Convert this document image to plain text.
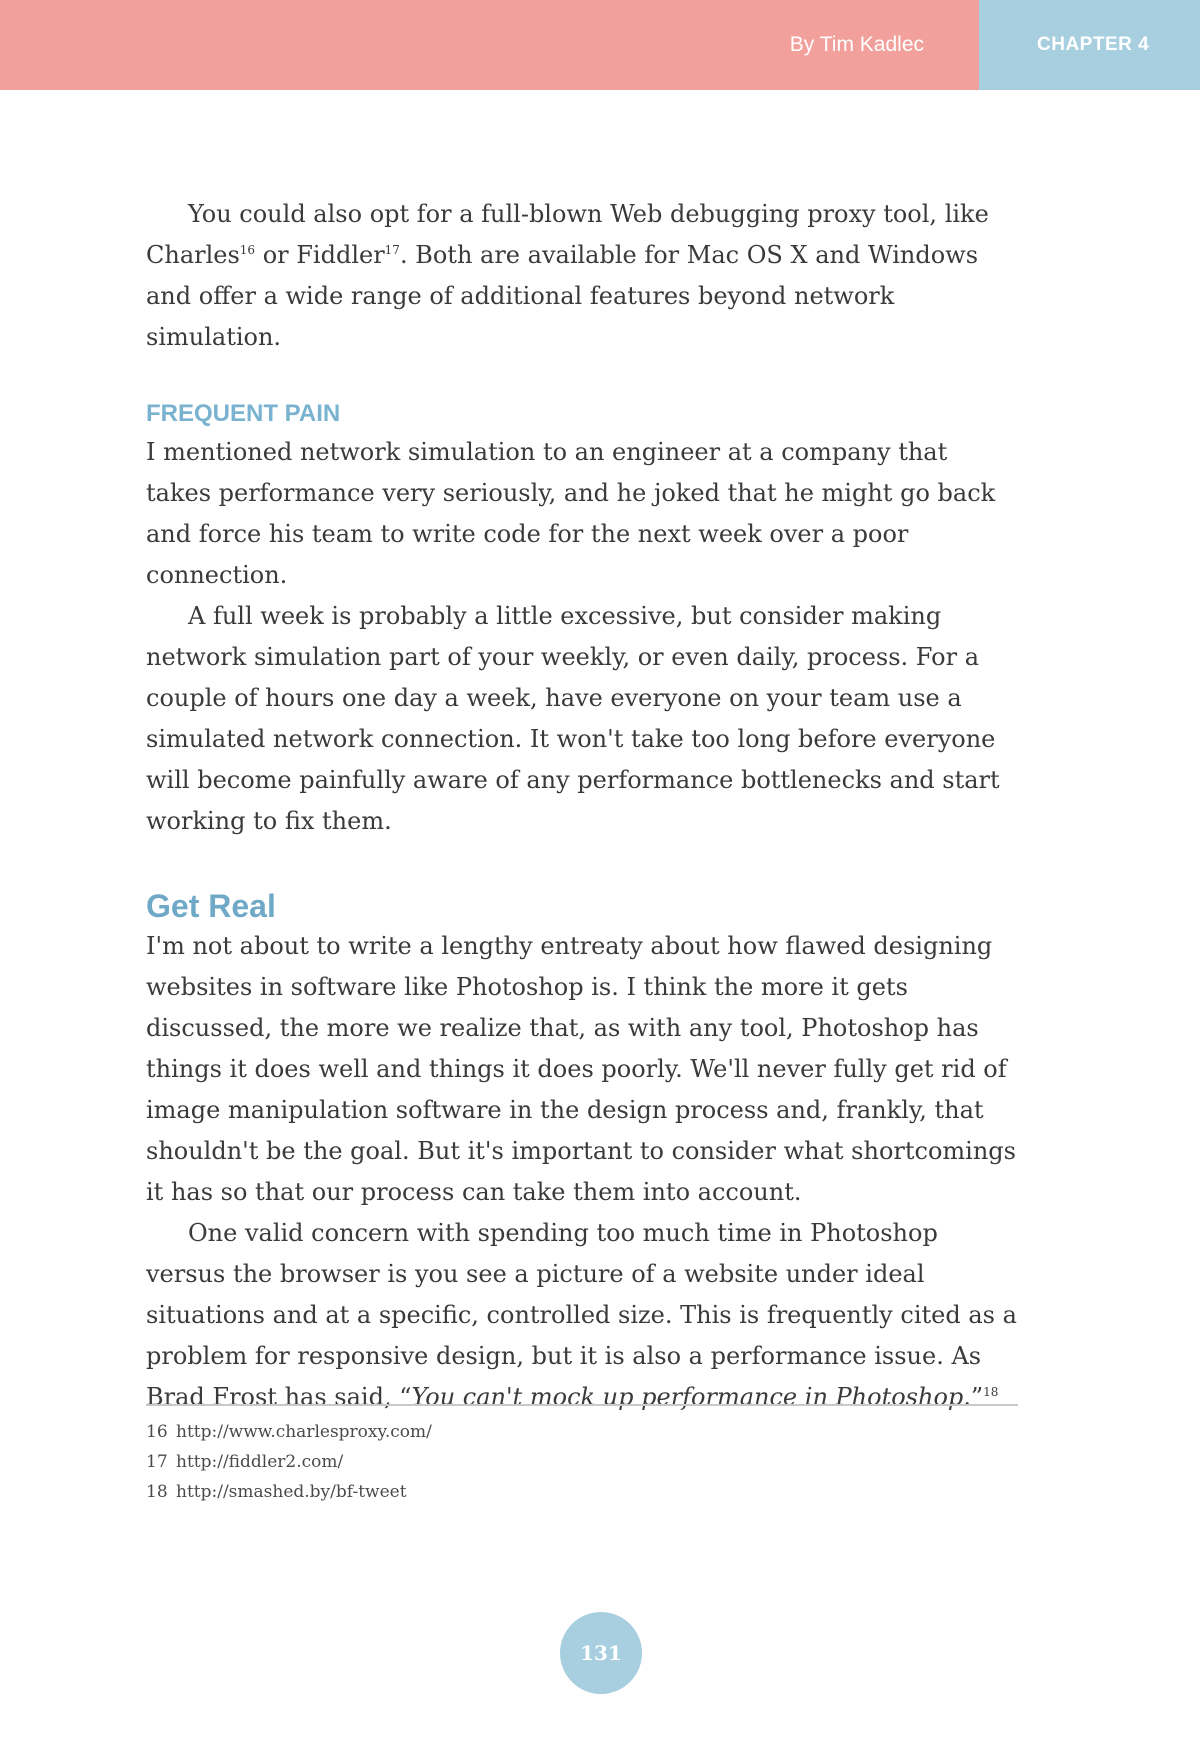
By Tim Kadlec	CHAPTER 4

You could also opt for a full-blown Web debugging proxy tool, like Charles$^{16}$ or Fiddler$^{17}$. Both are available for Mac OS X and Windows and offer a wide range of additional features beyond network simulation.

FREQUENT PAIN

I mentioned network simulation to an engineer at a company that takes performance very seriously, and he joked that he might go back and force his team to write code for the next week over a poor connection.

A full week is probably a little excessive, but consider making network simulation part of your weekly, or even daily, process. For a couple of hours one day a week, have everyone on your team use a simulated network connection. It won't take too long before everyone will become painfully aware of any performance bottlenecks and start working to fix them.

Get Real

I'm not about to write a lengthy entreaty about how flawed designing websites in software like Photoshop is. I think the more it gets discussed, the more we realize that, as with any tool, Photoshop has things it does well and things it does poorly. We'll never fully get rid of image manipulation software in the design process and, frankly, that shouldn't be the goal. But it's important to consider what shortcomings it has so that our process can take them into account.

One valid concern with spending too much time in Photoshop versus the browser is you see a picture of a website under ideal situations and at a specific, controlled size. This is frequently cited as a problem for responsive design, but it is also a performance issue. As Brad Frost has said, “You can't mock up performance in Photoshop.”$^{18}$

16 http://www.charlesproxy.com/
17 http://fiddler2.com/
18 http://smashed.by/bf-tweet
131
